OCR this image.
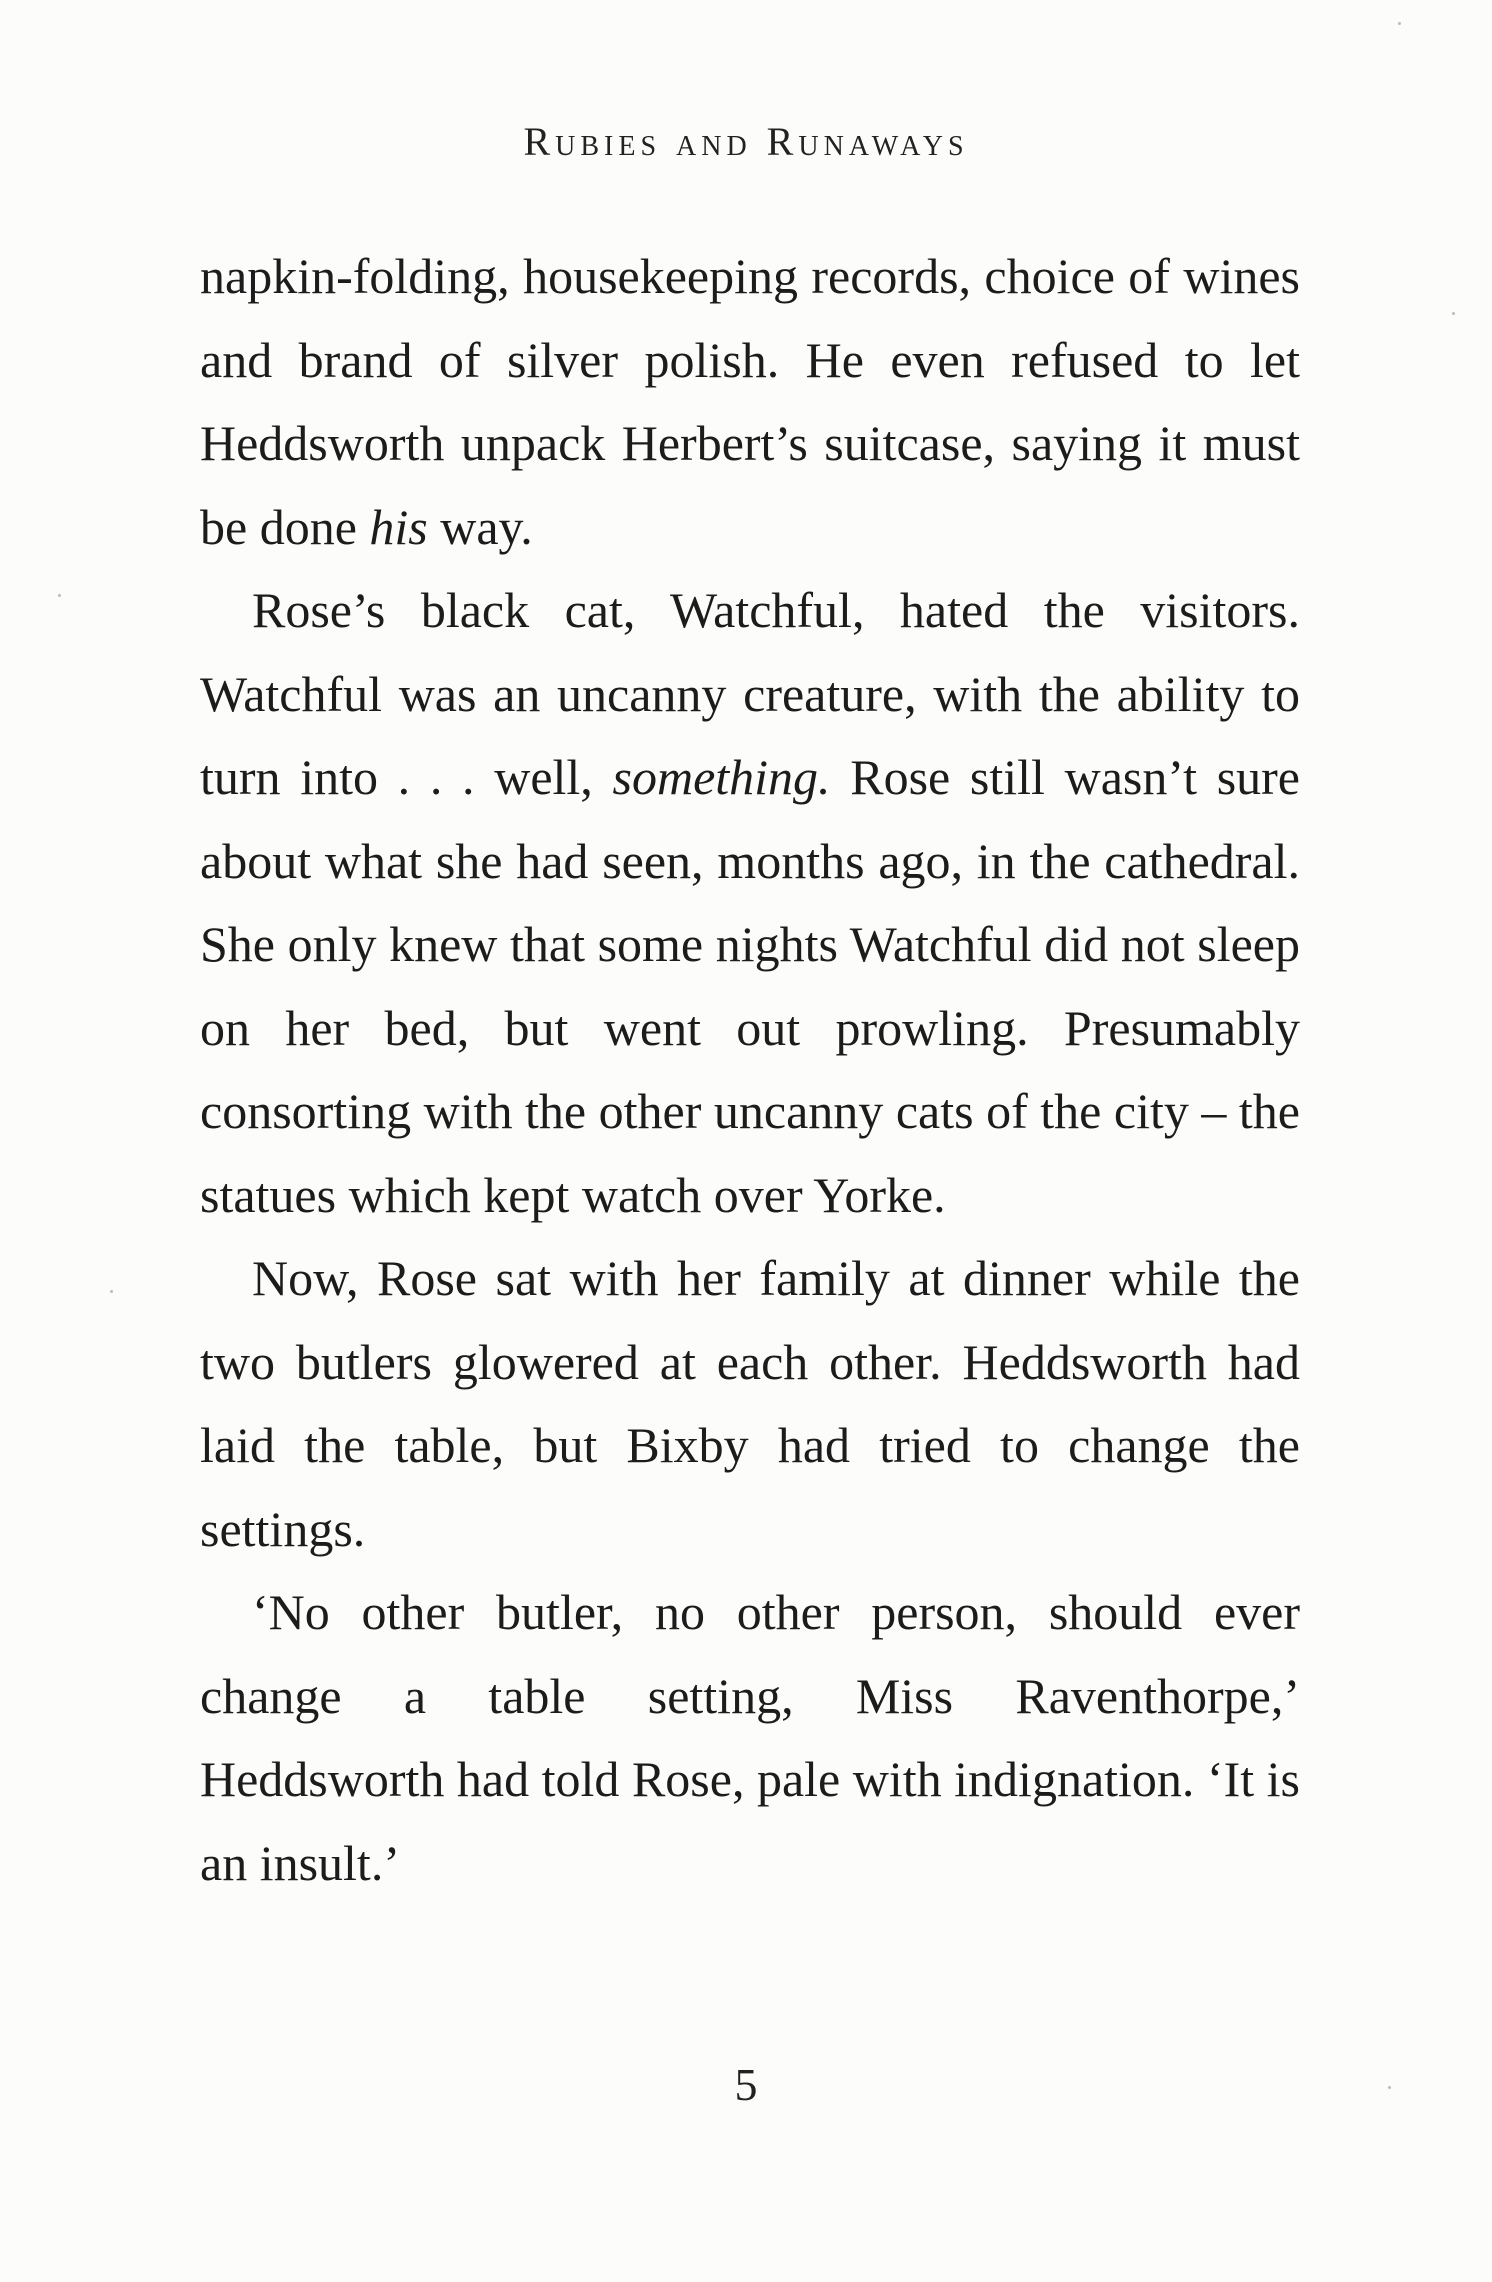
Rubies and Runaways

napkin-folding, housekeeping records, choice of wines and brand of silver polish. He even refused to let Heddsworth unpack Herbert’s suitcase, saying it must be done his way.

Rose’s black cat, Watchful, hated the visitors. Watchful was an uncanny creature, with the ability to turn into . . . well, something. Rose still wasn’t sure about what she had seen, months ago, in the cathedral. She only knew that some nights Watchful did not sleep on her bed, but went out prowling. Presumably consorting with the other uncanny cats of the city – the statues which kept watch over Yorke.

Now, Rose sat with her family at dinner while the two butlers glowered at each other. Heddsworth had laid the table, but Bixby had tried to change the settings.

‘No other butler, no other person, should ever change a table setting, Miss Raventhorpe,’ Heddsworth had told Rose, pale with indignation. ‘It is an insult.’

5
